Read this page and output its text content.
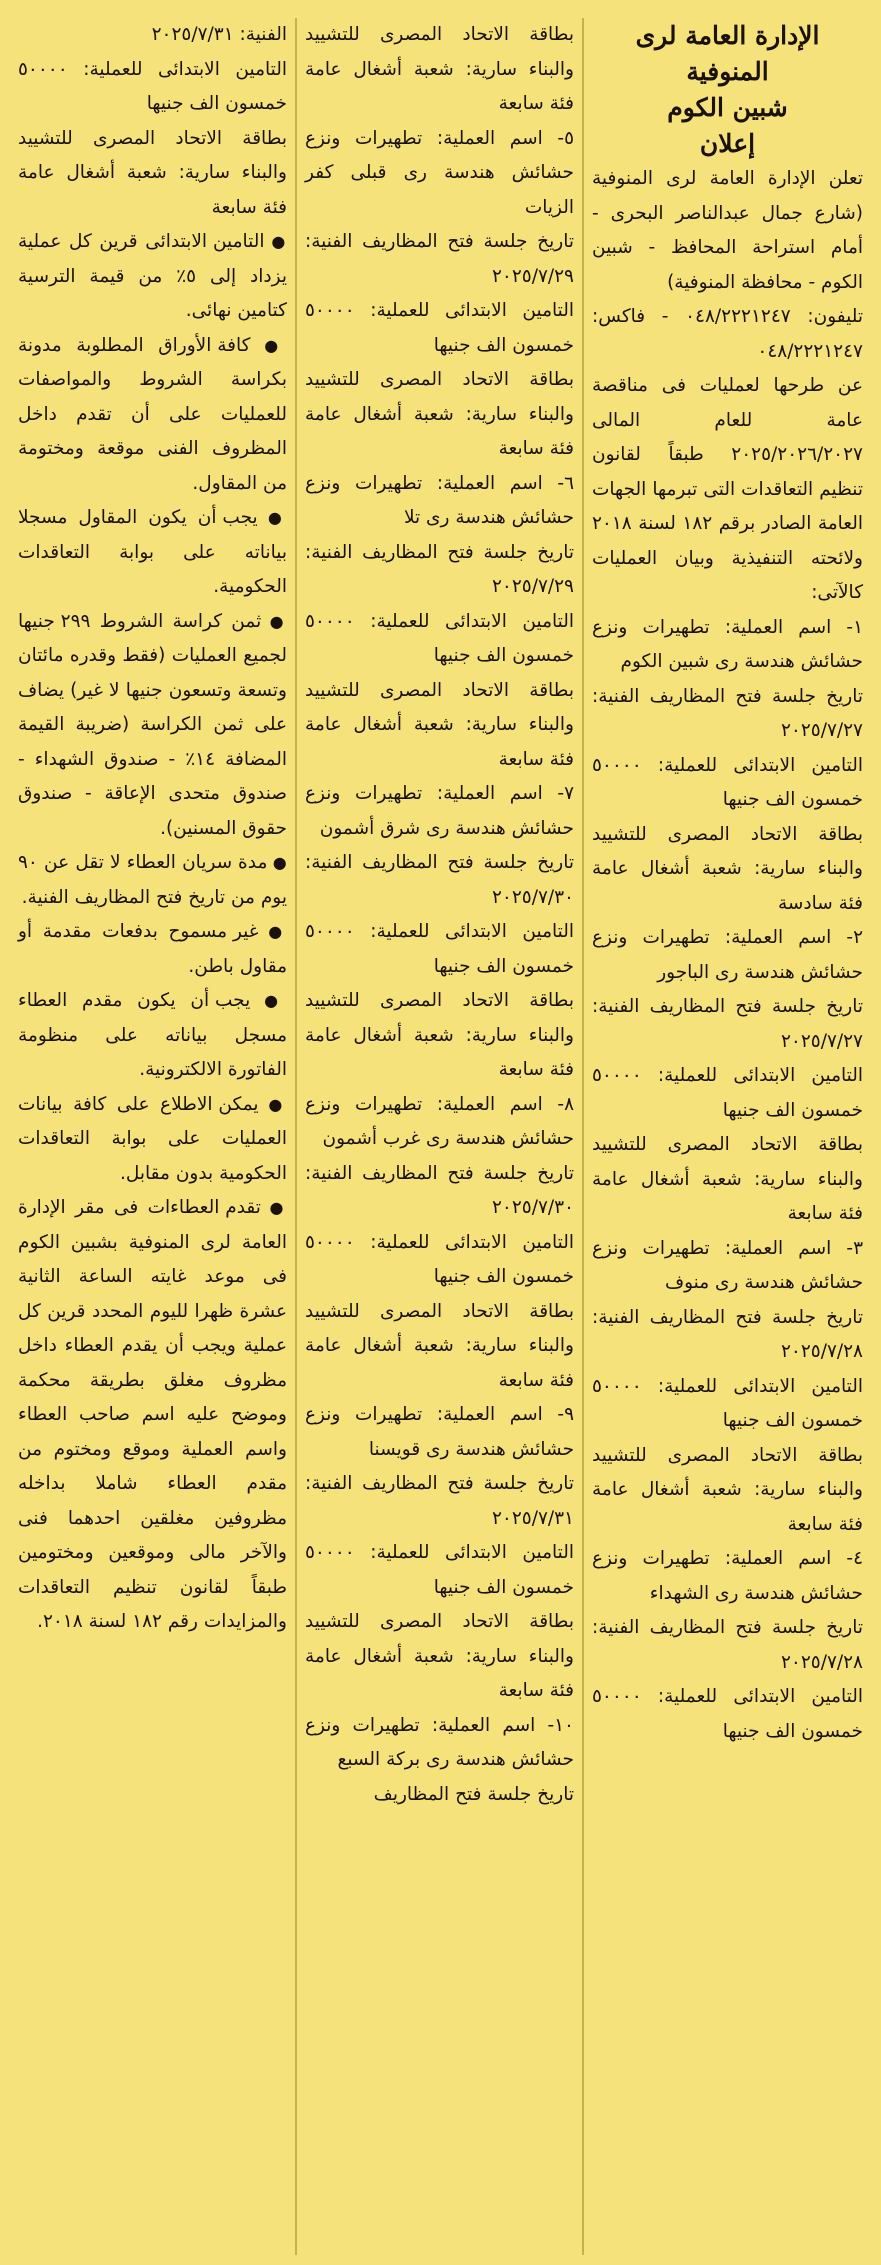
الإدارة العامة لرى المنوفية

شبين الكوم

إعلان

تعلن الإدارة العامة لرى المنوفية (شارع جمال عبدالناصر البحرى - أمام استراحة المحافظ - شبين الكوم - محافظة المنوفية)

تليفون: ٠٤٨/٢٢٢١٢٤٧ - فاكس: ٠٤٨/٢٢٢١٢٤٧

عن طرحها لعمليات فى مناقصة عامة للعام المالى ٢٠٢٥/٢٠٢٦/٢٠٢٧ طبقاً لقانون تنظيم التعاقدات التى تبرمها الجهات العامة الصادر برقم ١٨٢ لسنة ٢٠١٨ ولائحته التنفيذية وبيان العمليات كالآتى:

١- اسم العملية: تطهيرات ونزع حشائش هندسة رى شبين الكوم

تاريخ جلسة فتح المظاريف الفنية: ٢٠٢٥/٧/٢٧

التامين الابتدائى للعملية: ٥٠٠٠٠ خمسون الف جنيها

بطاقة الاتحاد المصرى للتشييد والبناء سارية: شعبة أشغال عامة فئة سادسة

٢- اسم العملية: تطهيرات ونزع حشائش هندسة رى الباجور

تاريخ جلسة فتح المظاريف الفنية: ٢٠٢٥/٧/٢٧

التامين الابتدائى للعملية: ٥٠٠٠٠ خمسون الف جنيها

بطاقة الاتحاد المصرى للتشييد والبناء سارية: شعبة أشغال عامة فئة سابعة

٣- اسم العملية: تطهيرات ونزع حشائش هندسة رى منوف

تاريخ جلسة فتح المظاريف الفنية: ٢٠٢٥/٧/٢٨

التامين الابتدائى للعملية: ٥٠٠٠٠ خمسون الف جنيها

بطاقة الاتحاد المصرى للتشييد والبناء سارية: شعبة أشغال عامة فئة سابعة

٤- اسم العملية: تطهيرات ونزع حشائش هندسة رى الشهداء

تاريخ جلسة فتح المظاريف الفنية: ٢٠٢٥/٧/٢٨

التامين الابتدائى للعملية: ٥٠٠٠٠ خمسون الف جنيها

بطاقة الاتحاد المصرى للتشييد والبناء سارية: شعبة أشغال عامة فئة سابعة

٥- اسم العملية: تطهيرات ونزع حشائش هندسة رى قبلى كفر الزيات

تاريخ جلسة فتح المظاريف الفنية: ٢٠٢٥/٧/٢٩

التامين الابتدائى للعملية: ٥٠٠٠٠ خمسون الف جنيها

بطاقة الاتحاد المصرى للتشييد والبناء سارية: شعبة أشغال عامة فئة سابعة

٦- اسم العملية: تطهيرات ونزع حشائش هندسة رى تلا

تاريخ جلسة فتح المظاريف الفنية: ٢٠٢٥/٧/٢٩

التامين الابتدائى للعملية: ٥٠٠٠٠ خمسون الف جنيها

بطاقة الاتحاد المصرى للتشييد والبناء سارية: شعبة أشغال عامة فئة سابعة

٧- اسم العملية: تطهيرات ونزع حشائش هندسة رى شرق أشمون

تاريخ جلسة فتح المظاريف الفنية: ٢٠٢٥/٧/٣٠

التامين الابتدائى للعملية: ٥٠٠٠٠ خمسون الف جنيها

بطاقة الاتحاد المصرى للتشييد والبناء سارية: شعبة أشغال عامة فئة سابعة

٨- اسم العملية: تطهيرات ونزع حشائش هندسة رى غرب أشمون

تاريخ جلسة فتح المظاريف الفنية: ٢٠٢٥/٧/٣٠

التامين الابتدائى للعملية: ٥٠٠٠٠ خمسون الف جنيها

بطاقة الاتحاد المصرى للتشييد والبناء سارية: شعبة أشغال عامة فئة سابعة

٩- اسم العملية: تطهيرات ونزع حشائش هندسة رى قويسنا

تاريخ جلسة فتح المظاريف الفنية: ٢٠٢٥/٧/٣١

التامين الابتدائى للعملية: ٥٠٠٠٠ خمسون الف جنيها

بطاقة الاتحاد المصرى للتشييد والبناء سارية: شعبة أشغال عامة فئة سابعة

١٠- اسم العملية: تطهيرات ونزع حشائش هندسة رى بركة السبع

تاريخ جلسة فتح المظاريف

الفنية: ٢٠٢٥/٧/٣١

التامين الابتدائى للعملية: ٥٠٠٠٠ خمسون الف جنيها

بطاقة الاتحاد المصرى للتشييد والبناء سارية: شعبة أشغال عامة فئة سابعة

● التامين الابتدائى قرين كل عملية يزداد إلى ٥٪ من قيمة الترسية كتامين نهائى.

● كافة الأوراق المطلوبة مدونة بكراسة الشروط والمواصفات للعمليات على أن تقدم داخل المظروف الفنى موقعة ومختومة من المقاول.

● يجب أن يكون المقاول مسجلا بياناته على بوابة التعاقدات الحكومية.

● ثمن كراسة الشروط ٢٩٩ جنيها لجميع العمليات (فقط وقدره مائتان وتسعة وتسعون جنيها لا غير) يضاف على ثمن الكراسة (ضريبة القيمة المضافة ١٤٪ - صندوق الشهداء - صندوق متحدى الإعاقة - صندوق حقوق المسنين).

● مدة سريان العطاء لا تقل عن ٩٠ يوم من تاريخ فتح المظاريف الفنية.

● غير مسموح بدفعات مقدمة أو مقاول باطن.

● يجب أن يكون مقدم العطاء مسجل بياناته على منظومة الفاتورة الالكترونية.

● يمكن الاطلاع على كافة بيانات العمليات على بوابة التعاقدات الحكومية بدون مقابل.

● تقدم العطاءات فى مقر الإدارة العامة لرى المنوفية بشبين الكوم فى موعد غايته الساعة الثانية عشرة ظهرا لليوم المحدد قرين كل عملية ويجب أن يقدم العطاء داخل مظروف مغلق بطريقة محكمة وموضح عليه اسم صاحب العطاء واسم العملية وموقع ومختوم من مقدم العطاء شاملا بداخله مظروفين مغلقين احدهما فنى والآخر مالى وموقعين ومختومين طبقاً لقانون تنظيم التعاقدات والمزايدات رقم ١٨٢ لسنة ٢٠١٨.
